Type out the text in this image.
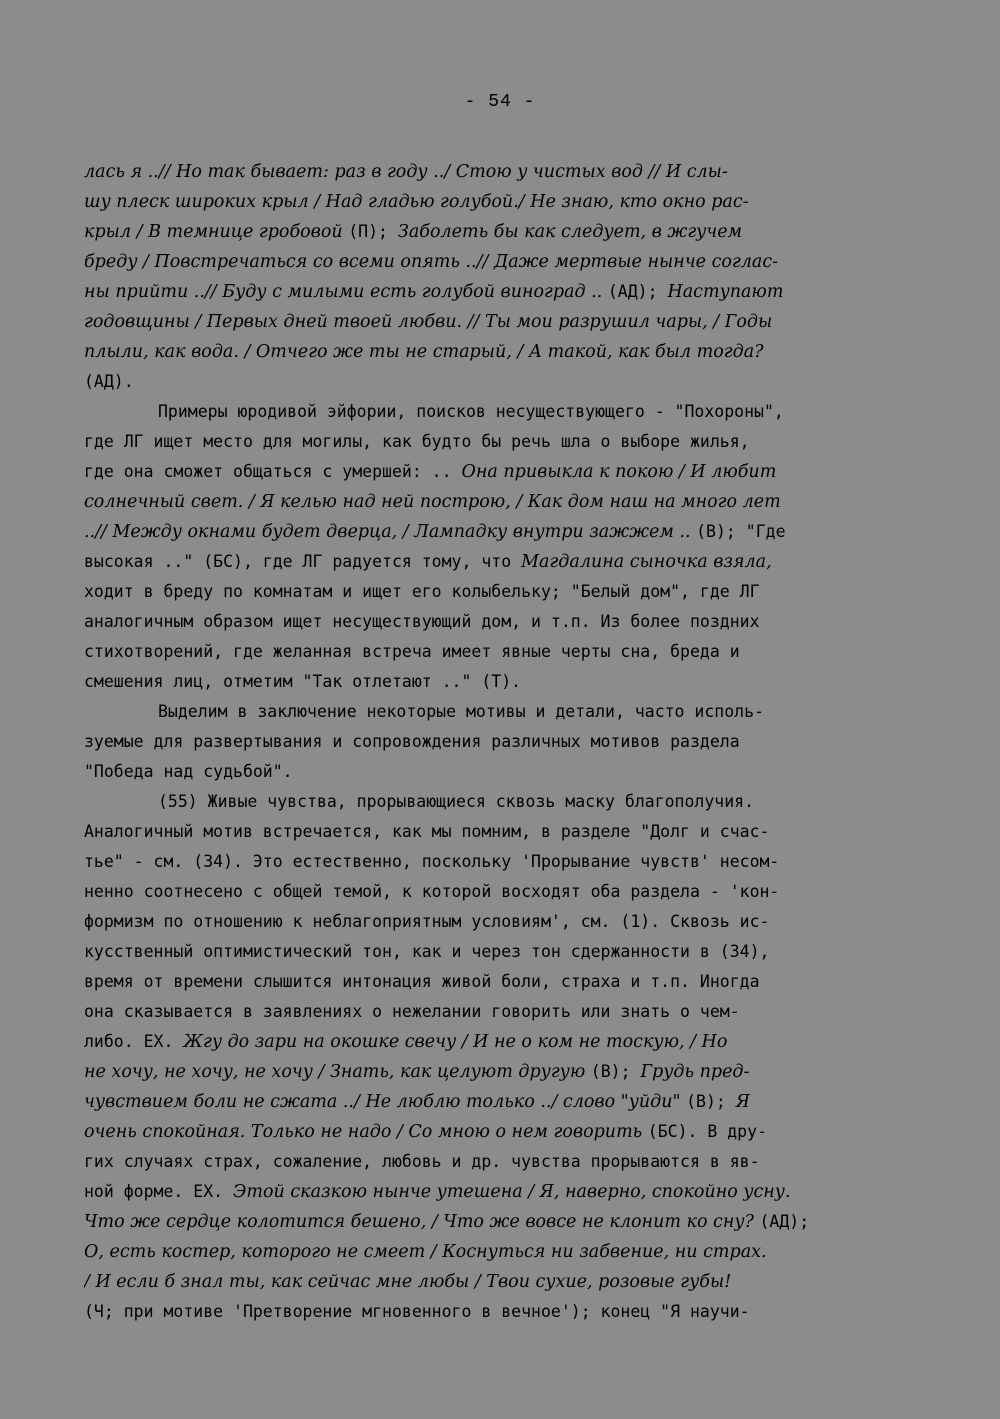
- 54 -
лась я ..// Но так бывает: раз в году ../ Стою у чистых вод // И слы-
шу плеск широких крыл / Над гладью голубой./ Не знаю, кто окно рас-
крыл / В темнице гробовой (П); Заболеть бы как следует, в жгучем
бреду / Повстречаться со всеми опять ..// Даже мертвые нынче соглас-
ны прийти ..// Буду с милыми есть голубой виноград .. (АД); Наступают
годовщины / Первых дней твоей любви. // Ты мои разрушил чары, / Годы
плыли, как вода. / Отчего же ты не старый, / А такой, как был тогда?
(АД).
Примеры юродивой эйфории, поисков несуществующего - "Похороны",
где ЛГ ищет место для могилы, как будто бы речь шла о выборе жилья,
где она сможет общаться с умершей: .. Она привыкла к покою / И любит
солнечный свет. / Я келью над ней построю, / Как дом наш на много лет
..// Между окнами будет дверца, / Лампадку внутри зажжем .. (В); "Где
высокая .." (БС), где ЛГ радуется тому, что Магдалина сыночка взяла,
ходит в бреду по комнатам и ищет его колыбельку; "Белый дом", где ЛГ
аналогичным образом ищет несуществующий дом, и т.п. Из более поздних
стихотворений, где желанная встреча имеет явные черты сна, бреда и
смешения лиц, отметим "Так отлетают .." (Т).
Выделим в заключение некоторые мотивы и детали, часто исполь-
зуемые для развертывания и сопровождения различных мотивов раздела
"Победа над судьбой".
(55) Живые чувства, прорывающиеся сквозь маску благополучия.
Аналогичный мотив встречается, как мы помним, в разделе "Долг и счас-
тье" - см. (34). Это естественно, поскольку 'Прорывание чувств' несом-
ненно соотнесено с общей темой, к которой восходят оба раздела - 'кон-
формизм по отношению к неблагоприятным условиям', см. (1). Сквозь ис-
кусственный оптимистический тон, как и через тон сдержанности в (34),
время от времени слышится интонация живой боли, страха и т.п. Иногда
она сказывается в заявлениях о нежелании говорить или знать о чем-
либо. ЕХ. Жгу до зари на окошке свечу / И не о ком не тоскую, / Но
не хочу, не хочу, не хочу / Знать, как целуют другую (В); Грудь пред-
чувствием боли не сжата ../ Не люблю только ../ слово "уйди" (В); Я
очень спокойная. Только не надо / Со мною о нем говорить (БС). В дру-
гих случаях страх, сожаление, любовь и др. чувства прорываются в яв-
ной форме. ЕХ. Этой сказкою нынче утешена / Я, наверно, спокойно усну.
Что же сердце колотится бешено, / Что же вовсе не клонит ко сну? (АД);
О, есть костер, которого не смеет / Коснуться ни забвение, ни страх.
/ И если б знал ты, как сейчас мне любы / Твои сухие, розовые губы!
(Ч; при мотиве 'Претворение мгновенного в вечное'); конец "Я научи-
